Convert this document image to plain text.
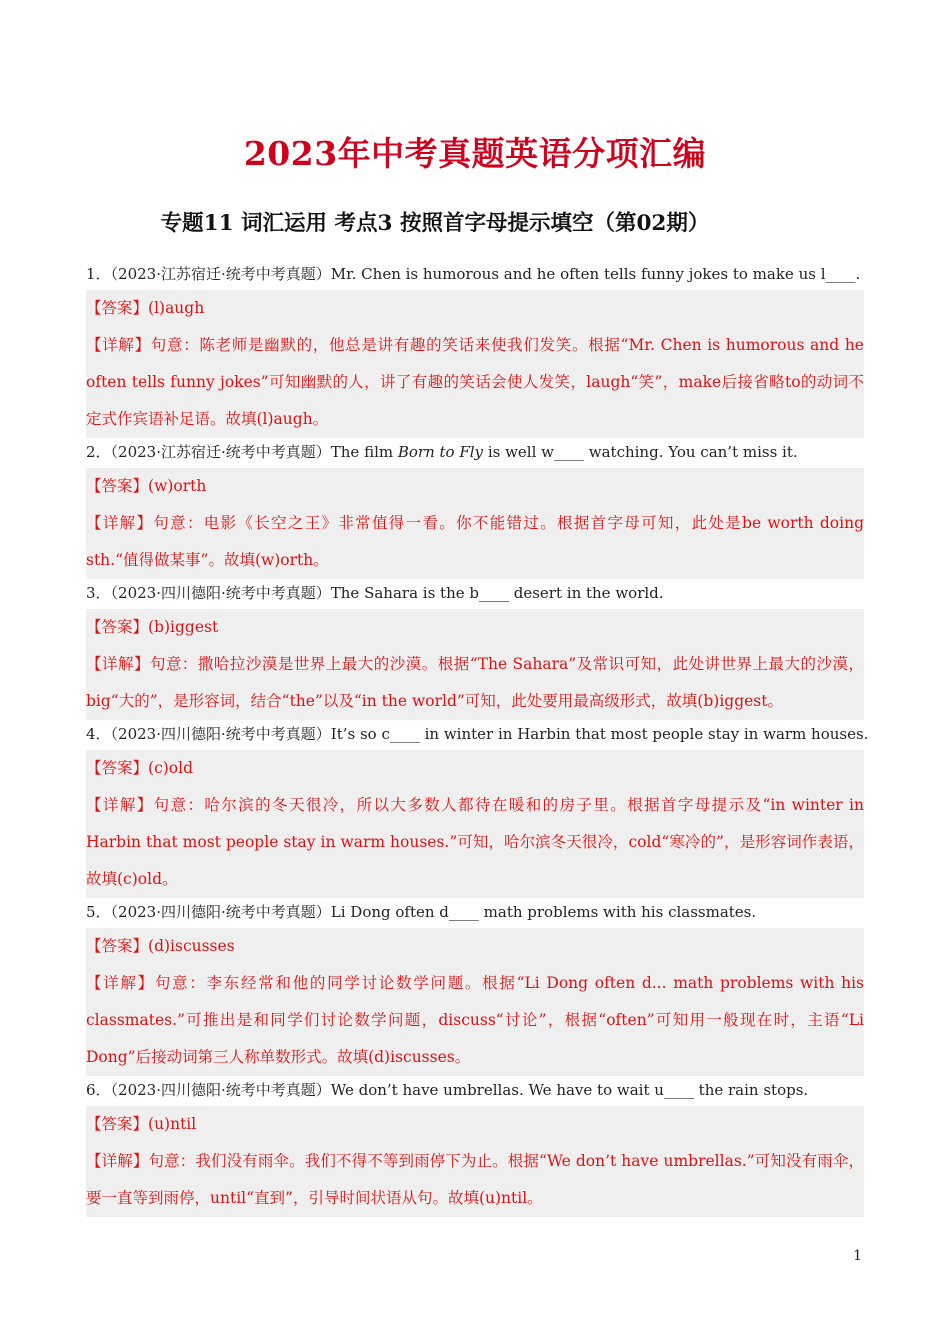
2023年中考真题英语分项汇编
专题11 词汇运用 考点3 按照首字母提示填空（第02期）
1．（2023·江苏宿迁·统考中考真题）Mr. Chen is humorous and he often tells funny jokes to make us l____.
【答案】(l)augh
【详解】句意：陈老师是幽默的，他总是讲有趣的笑话来使我们发笑。根据“Mr. Chen is humorous and he often tells funny jokes”可知幽默的人，讲了有趣的笑话会使人发笑，laugh“笑”，make后接省略to的动词不定式作宾语补足语。故填(l)augh。
2．（2023·江苏宿迁·统考中考真题）The film Born to Fly is well w____ watching. You can’t miss it.
【答案】(w)orth
【详解】句意：电影《长空之王》非常值得一看。你不能错过。根据首字母可知，此处是be worth doing sth.“值得做某事”。故填(w)orth。
3．（2023·四川德阳·统考中考真题）The Sahara is the b____ desert in the world.
【答案】(b)iggest
【详解】句意：撒哈拉沙漠是世界上最大的沙漠。根据“The Sahara”及常识可知，此处讲世界上最大的沙漠，big“大的”，是形容词，结合“the”以及“in the world”可知，此处要用最高级形式，故填(b)iggest。
4．（2023·四川德阳·统考中考真题）It’s so c____ in winter in Harbin that most people stay in warm houses.
【答案】(c)old
【详解】句意：哈尔滨的冬天很冷，所以大多数人都待在暖和的房子里。根据首字母提示及“in winter in Harbin that most people stay in warm houses.”可知，哈尔滨冬天很冷，cold“寒冷的”，是形容词作表语，故填(c)old。
5．（2023·四川德阳·统考中考真题）Li Dong often d____ math problems with his classmates.
【答案】(d)iscusses
【详解】句意：李东经常和他的同学讨论数学问题。根据“Li Dong often d... math problems with his classmates.”可推出是和同学们讨论数学问题，discuss“讨论”，根据“often”可知用一般现在时，主语“Li Dong”后接动词第三人称单数形式。故填(d)iscusses。
6．（2023·四川德阳·统考中考真题）We don’t have umbrellas. We have to wait u____ the rain stops.
【答案】(u)ntil
【详解】句意：我们没有雨伞。我们不得不等到雨停下为止。根据“We don’t have umbrellas.”可知没有雨伞，要一直等到雨停，until“直到”，引导时间状语从句。故填(u)ntil。
1
